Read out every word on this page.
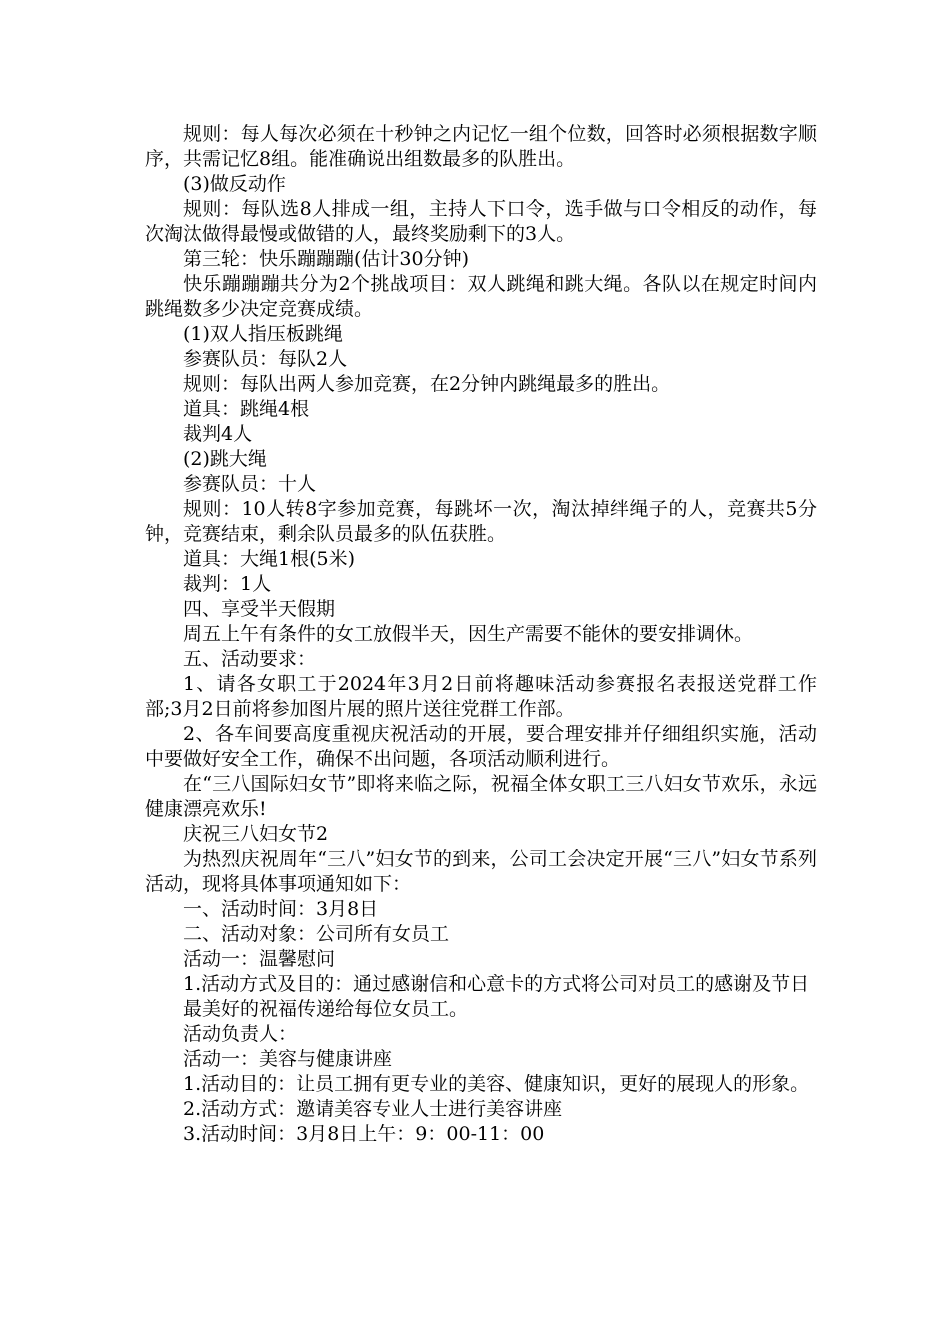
规则：每人每次必须在十秒钟之内记忆一组个位数，回答时必须根据数字顺序，共需记忆8组。能准确说出组数最多的队胜出。

(3)做反动作

规则：每队选8人排成一组，主持人下口令，选手做与口令相反的动作，每次淘汰做得最慢或做错的人，最终奖励剩下的3人。

第三轮：快乐蹦蹦蹦(估计30分钟)

快乐蹦蹦蹦共分为2个挑战项目：双人跳绳和跳大绳。各队以在规定时间内跳绳数多少决定竞赛成绩。

(1)双人指压板跳绳

参赛队员：每队2人

规则：每队出两人参加竞赛，在2分钟内跳绳最多的胜出。

道具：跳绳4根

裁判4人

(2)跳大绳

参赛队员：十人

规则：10人转8字参加竞赛，每跳坏一次，淘汰掉绊绳子的人，竞赛共5分钟，竞赛结束，剩余队员最多的队伍获胜。

道具：大绳1根(5米)

裁判：1人

四、享受半天假期

周五上午有条件的女工放假半天，因生产需要不能休的要安排调休。

五、活动要求：

1、请各女职工于2024年3月2日前将趣味活动参赛报名表报送党群工作部;3月2日前将参加图片展的照片送往党群工作部。

2、各车间要高度重视庆祝活动的开展，要合理安排并仔细组织实施，活动中要做好安全工作，确保不出问题，各项活动顺利进行。

在“三八国际妇女节”即将来临之际，祝福全体女职工三八妇女节欢乐，永远健康漂亮欢乐!

庆祝三八妇女节2

为热烈庆祝周年“三八”妇女节的到来，公司工会决定开展“三八”妇女节系列活动，现将具体事项通知如下：

一、活动时间：3月8日

二、活动对象：公司所有女员工

活动一：温馨慰问

1.活动方式及目的：通过感谢信和心意卡的方式将公司对员工的感谢及节日

最美好的祝福传递给每位女员工。

活动负责人：

活动一：美容与健康讲座

1.活动目的：让员工拥有更专业的美容、健康知识，更好的展现人的形象。

2.活动方式：邀请美容专业人士进行美容讲座

3.活动时间：3月8日上午：9：00-11：00
